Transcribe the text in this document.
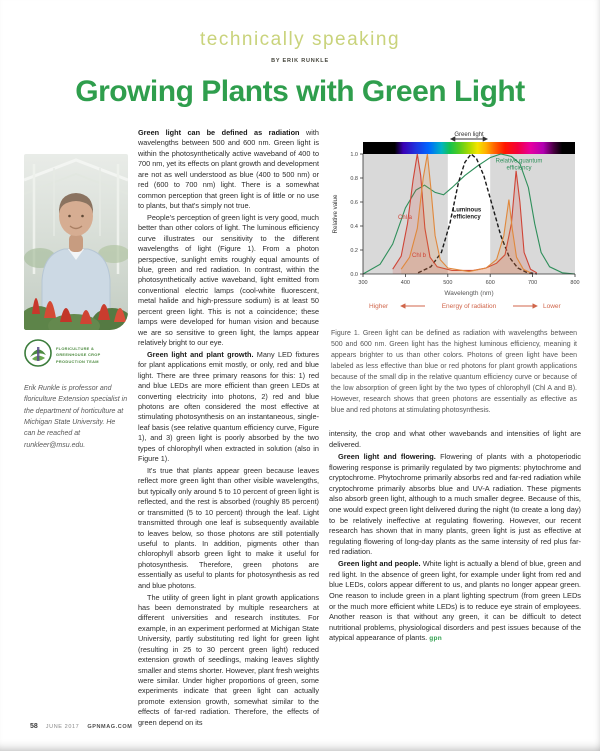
technically speaking
BY ERIK RUNKLE
Growing Plants with Green Light
FLORICULTURE &
GREENHOUSE CROP
PRODUCTION TEAM

Erik Runkle is professor and floriculture Extension specialist in the department of horticulture at Michigan State University. He can be reached at runkleer@msu.edu.

Green light can be defined as radiation with wavelengths between 500 and 600 nm. Green light is within the photosynthetically active waveband of 400 to 700 nm, yet its effects on plant growth and development are not as well understood as blue (400 to 500 nm) or red (600 to 700 nm) light. There is a somewhat common perception that green light is of little or no use to plants, but that's simply not true.

People's perception of green light is very good, much better than other colors of light. The luminous efficiency curve illustrates our sensitivity to the different wavelengths of light (Figure 1). From a photon perspective, sunlight emits roughly equal amounts of blue, green and red radiation. In contrast, within the photosynthetically active waveband, light emitted from conventional electric lamps (cool-white fluorescent, metal halide and high-pressure sodium) is at least 50 percent green light. This is not a coincidence; these lamps were developed for human vision and because we are so sensitive to green light, the lamps appear relatively bright to our eye.

Green light and plant growth. Many LED fixtures for plant applications emit mostly, or only, red and blue light. There are three primary reasons for this: 1) red and blue LEDs are more efficient than green LEDs at converting electricity into photons, 2) red and blue photons are often considered the most effective at stimulating photosynthesis on an instantaneous, single-leaf basis (see relative quantum efficiency curve, Figure 1), and 3) green light is poorly absorbed by the two types of chlorophyll when extracted in solution (also in Figure 1).

It's true that plants appear green because leaves reflect more green light than other visible wavelengths, but typically only around 5 to 10 percent of green light is reflected, and the rest is absorbed (roughly 85 percent) or transmitted (5 to 10 percent) through the leaf. Light transmitted through one leaf is subsequently available to leaves below, so those photons are still potentially useful to plants. In addition, pigments other than chlorophyll absorb green light to make it useful for photosynthesis. Therefore, green photons are essentially as useful to plants for photosynthesis as red and blue photons.

The utility of green light in plant growth applications has been demonstrated by multiple researchers at different universities and research institutes. For example, in an experiment performed at Michigan State University, partly substituting red light for green light (resulting in 25 to 30 percent green light) reduced extension growth of seedlings, making leaves slightly smaller and stems shorter. However, plant fresh weights were similar. Under higher proportions of green, some experiments indicate that green light can actually promote extension growth, somewhat similar to the effects of far-red radiation. Therefore, the effects of green depend on its

Green light
Relative quantum efficiency
Luminous efficiency
Chl a
Chl b
300	400	500	600	700	800
0.0
0.2
0.4
0.6
0.8
1.0
Relative value
Wavelength (nm)
Higher	Energy of radiation	Lower
Figure 1. Green light can be defined as radiation with wavelengths between 500 and 600 nm. Green light has the highest luminous efficiency, meaning it appears brighter to us than other colors. Photons of green light have been labeled as less effective than blue or red photons for plant growth applications because of the small dip in the relative quantum efficiency curve or because of the low absorption of green light by the two types of chlorophyll (Chl A and B). However, research shows that green photons are essentially as effective as blue and red photons at stimulating photosynthesis.

intensity, the crop and what other wavebands and intensities of light are delivered.

Green light and flowering. Flowering of plants with a photoperiodic flowering response is primarily regulated by two pigments: phytochrome and cryptochrome. Phytochrome primarily absorbs red and far-red radiation while cryptochrome primarily absorbs blue and UV-A radiation. These pigments also absorb green light, although to a much smaller degree. Because of this, one would expect green light delivered during the night (to create a long day) to be relatively ineffective at regulating flowering. However, our recent research has shown that in many plants, green light is just as effective at regulating flowering of long-day plants as the same intensity of red plus far-red radiation.

Green light and people. White light is actually a blend of blue, green and red light. In the absence of green light, for example under light from red and blue LEDs, colors appear different to us, and plants no longer appear green. One reason to include green in a plant lighting spectrum (from green LEDs or the much more efficient white LEDs) is to reduce eye strain of employees. Another reason is that without any green, it can be difficult to detect nutritional problems, physiological disorders and pest issues because of the atypical appearance of plants. gpn

58 JUNE 2017 GPNMAG.COM
